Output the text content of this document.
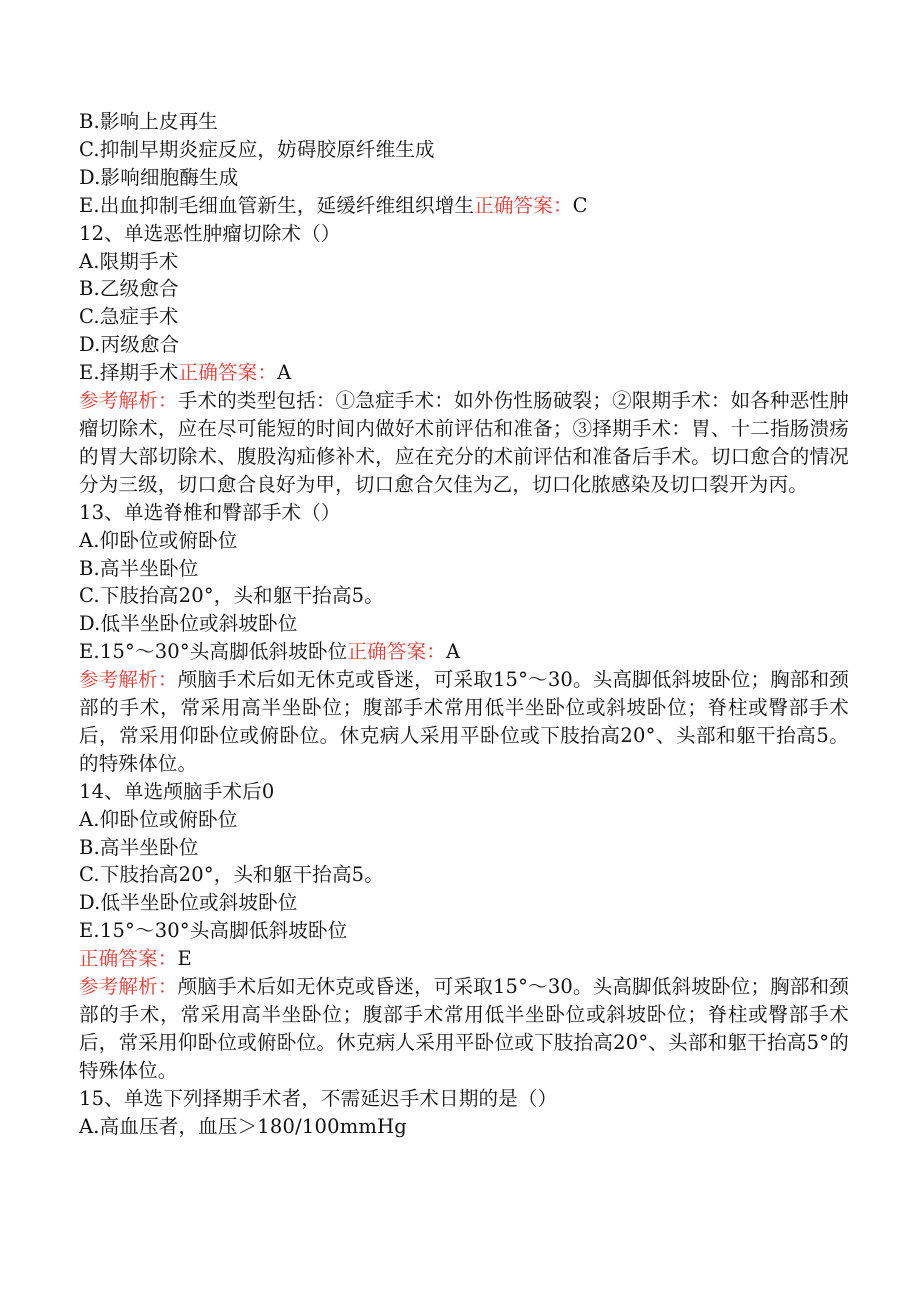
B.影响上皮再生
C.抑制早期炎症反应，妨碍胶原纤维生成
D.影响细胞酶生成
E.出血抑制毛细血管新生，延缓纤维组织增生正确答案：C
12、单选恶性肿瘤切除术（）
A.限期手术
B.乙级愈合
C.急症手术
D.丙级愈合
E.择期手术正确答案：A
参考解析：手术的类型包括：①急症手术：如外伤性肠破裂；②限期手术：如各种恶性肿瘤切除术，应在尽可能短的时间内做好术前评估和准备；③择期手术：胃、十二指肠溃疡的胃大部切除术、腹股沟疝修补术，应在充分的术前评估和准备后手术。切口愈合的情况分为三级，切口愈合良好为甲，切口愈合欠佳为乙，切口化脓感染及切口裂开为丙。
13、单选脊椎和臀部手术（）
A.仰卧位或俯卧位
B.高半坐卧位
C.下肢抬高20°，头和躯干抬高5。
D.低半坐卧位或斜坡卧位
E.15°～30°头高脚低斜坡卧位正确答案：A
参考解析：颅脑手术后如无休克或昏迷，可采取15°～30。头高脚低斜坡卧位；胸部和颈部的手术，常采用高半坐卧位；腹部手术常用低半坐卧位或斜坡卧位；脊柱或臀部手术后，常采用仰卧位或俯卧位。休克病人采用平卧位或下肢抬高20°、头部和躯干抬高5。的特殊体位。
14、单选颅脑手术后0
A.仰卧位或俯卧位
B.高半坐卧位
C.下肢抬高20°，头和躯干抬高5。
D.低半坐卧位或斜坡卧位
E.15°～30°头高脚低斜坡卧位
正确答案：E
参考解析：颅脑手术后如无休克或昏迷，可采取15°～30。头高脚低斜坡卧位；胸部和颈部的手术，常采用高半坐卧位；腹部手术常用低半坐卧位或斜坡卧位；脊柱或臀部手术后，常采用仰卧位或俯卧位。休克病人采用平卧位或下肢抬高20°、头部和躯干抬高5°的特殊体位。
15、单选下列择期手术者，不需延迟手术日期的是（）
A.高血压者，血压＞180/100mmHg
